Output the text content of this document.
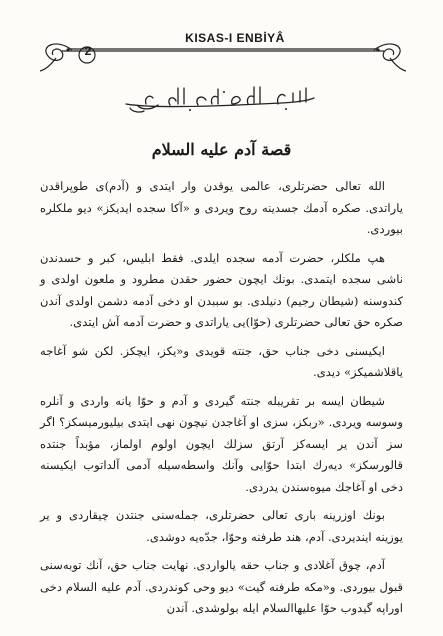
2
KISAS-I ENBİYÂ
قصة آدم علیه السلام

الله تعالی حضرتلری، عالمی یوقدن وار ایتدی و (آدم)ی طوپراقدن یاراتدی. صکره آدمك جسدینه روح ویردی و «آكا سجده ایدیكز» دیو ملكلره بیوردی.

هپ ملكلر، حضرت آدمه سجده ایلدی. فقط ابلیس، کبر و حسدندن ناشی سجده ایتمدی. بونك ایچون حضور حقدن مطرود و ملعون اولدی و کندوسنه (شیطان رجیم) دنیلدی. بو سببدن او دخی آدمه دشمن اولدی آندن صکره حق تعالی حضرتلری (حوّا)یی یاراتدی و حضرت آدمه آش ایتدی.

ایکیسنی دخی جناب حق، جنته قویدی و«یكز، ایچكز. لكن شو آغاجه یاقلاشمیكز» دیدی.

شیطان ایسه بر تقریبله جنته گیردی و آدم و حوّا یانه واردی و آنلره وسوسه ویردی. «ربكز، سزی او آغاجدن نیچون نهی ایتدی بیلیورمیسكز؟ اگر سز آندن یر ایسه‌كز آرتق سزلك ایچون اولوم اولماز، مؤبداً جنتده قالورسكز» دیه‌رك ابتدا حوّایی وآنك واسطه‌سیله آدمی آلداتوب ایكیسنه دخی او آغاجك میوه‌سندن یدردی.

بونك اوزرینه باری تعالی حضرتلری، جمله‌سنی جنتدن چیقاردی و یر یوزینه ایندیردی. آدم، هند طرفنه وحوّا، جدّه‌یه دوشدی.

آدم، چوق آغلادی و جناب حقه یالواردی. نهایت جناب حق، آنك توبه‌سنی قبول بیوردی. و«مكه طرفنه گیت» دیو وحی کوندردی. آدم علیه السلام دخی اوراپه گیدوب حوّا علیهاالسلام ایله بولوشدی. آندن
